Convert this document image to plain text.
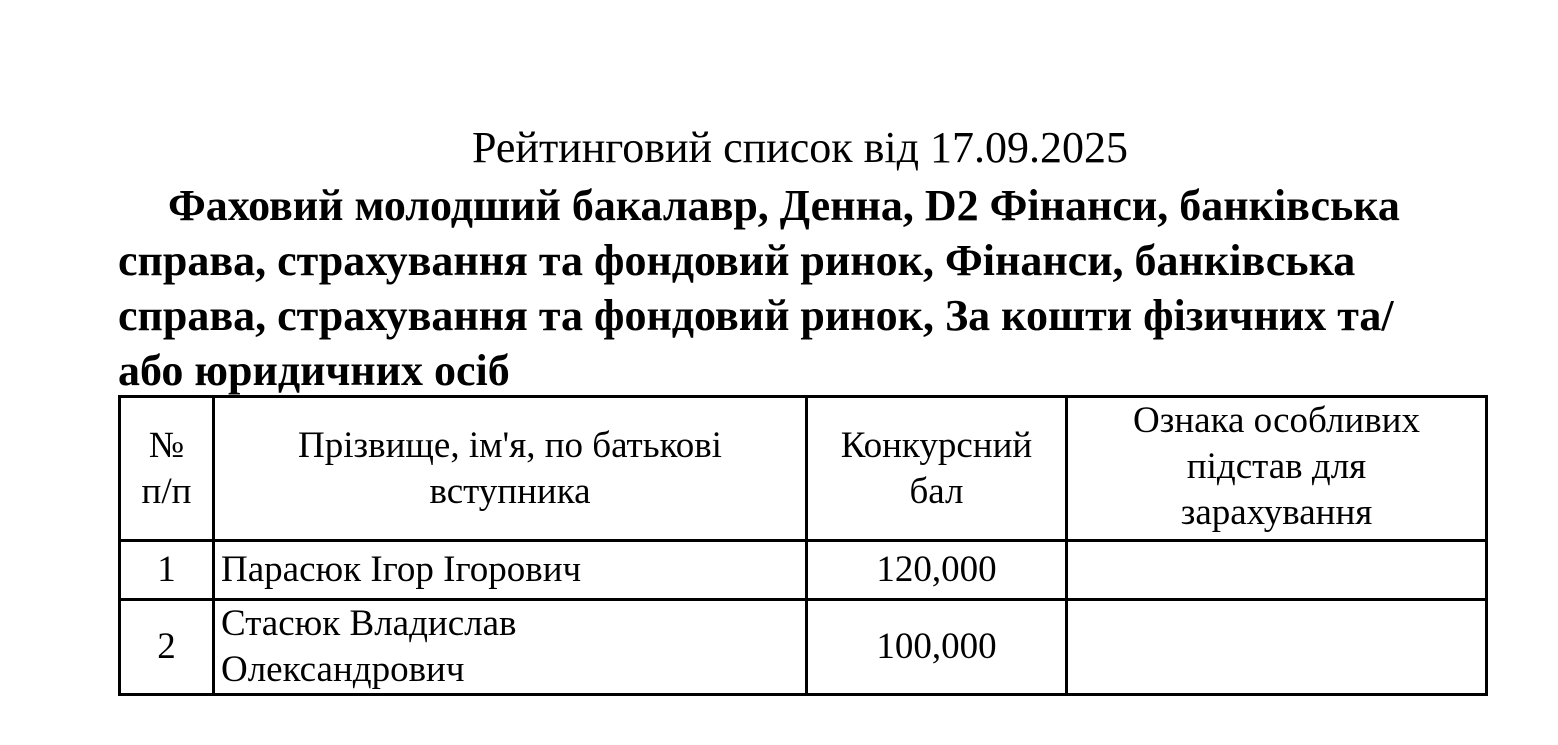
Рейтинговий список від 17.09.2025

Фаховий молодший бакалавр, Денна, D2 Фінанси, банківська справа, страхування та фондовий ринок, Фінанси, банківська справа, страхування та фондовий ринок, За кошти фізичних та/або юридичних осіб

№ п/п	Прізвище, ім'я, по батькові вступника	Конкурсний бал	Ознака особливих підстав для зарахування
1	Парасюк Ігор Ігорович	120,000	
2	Стасюк Владислав Олександрович	100,000	
